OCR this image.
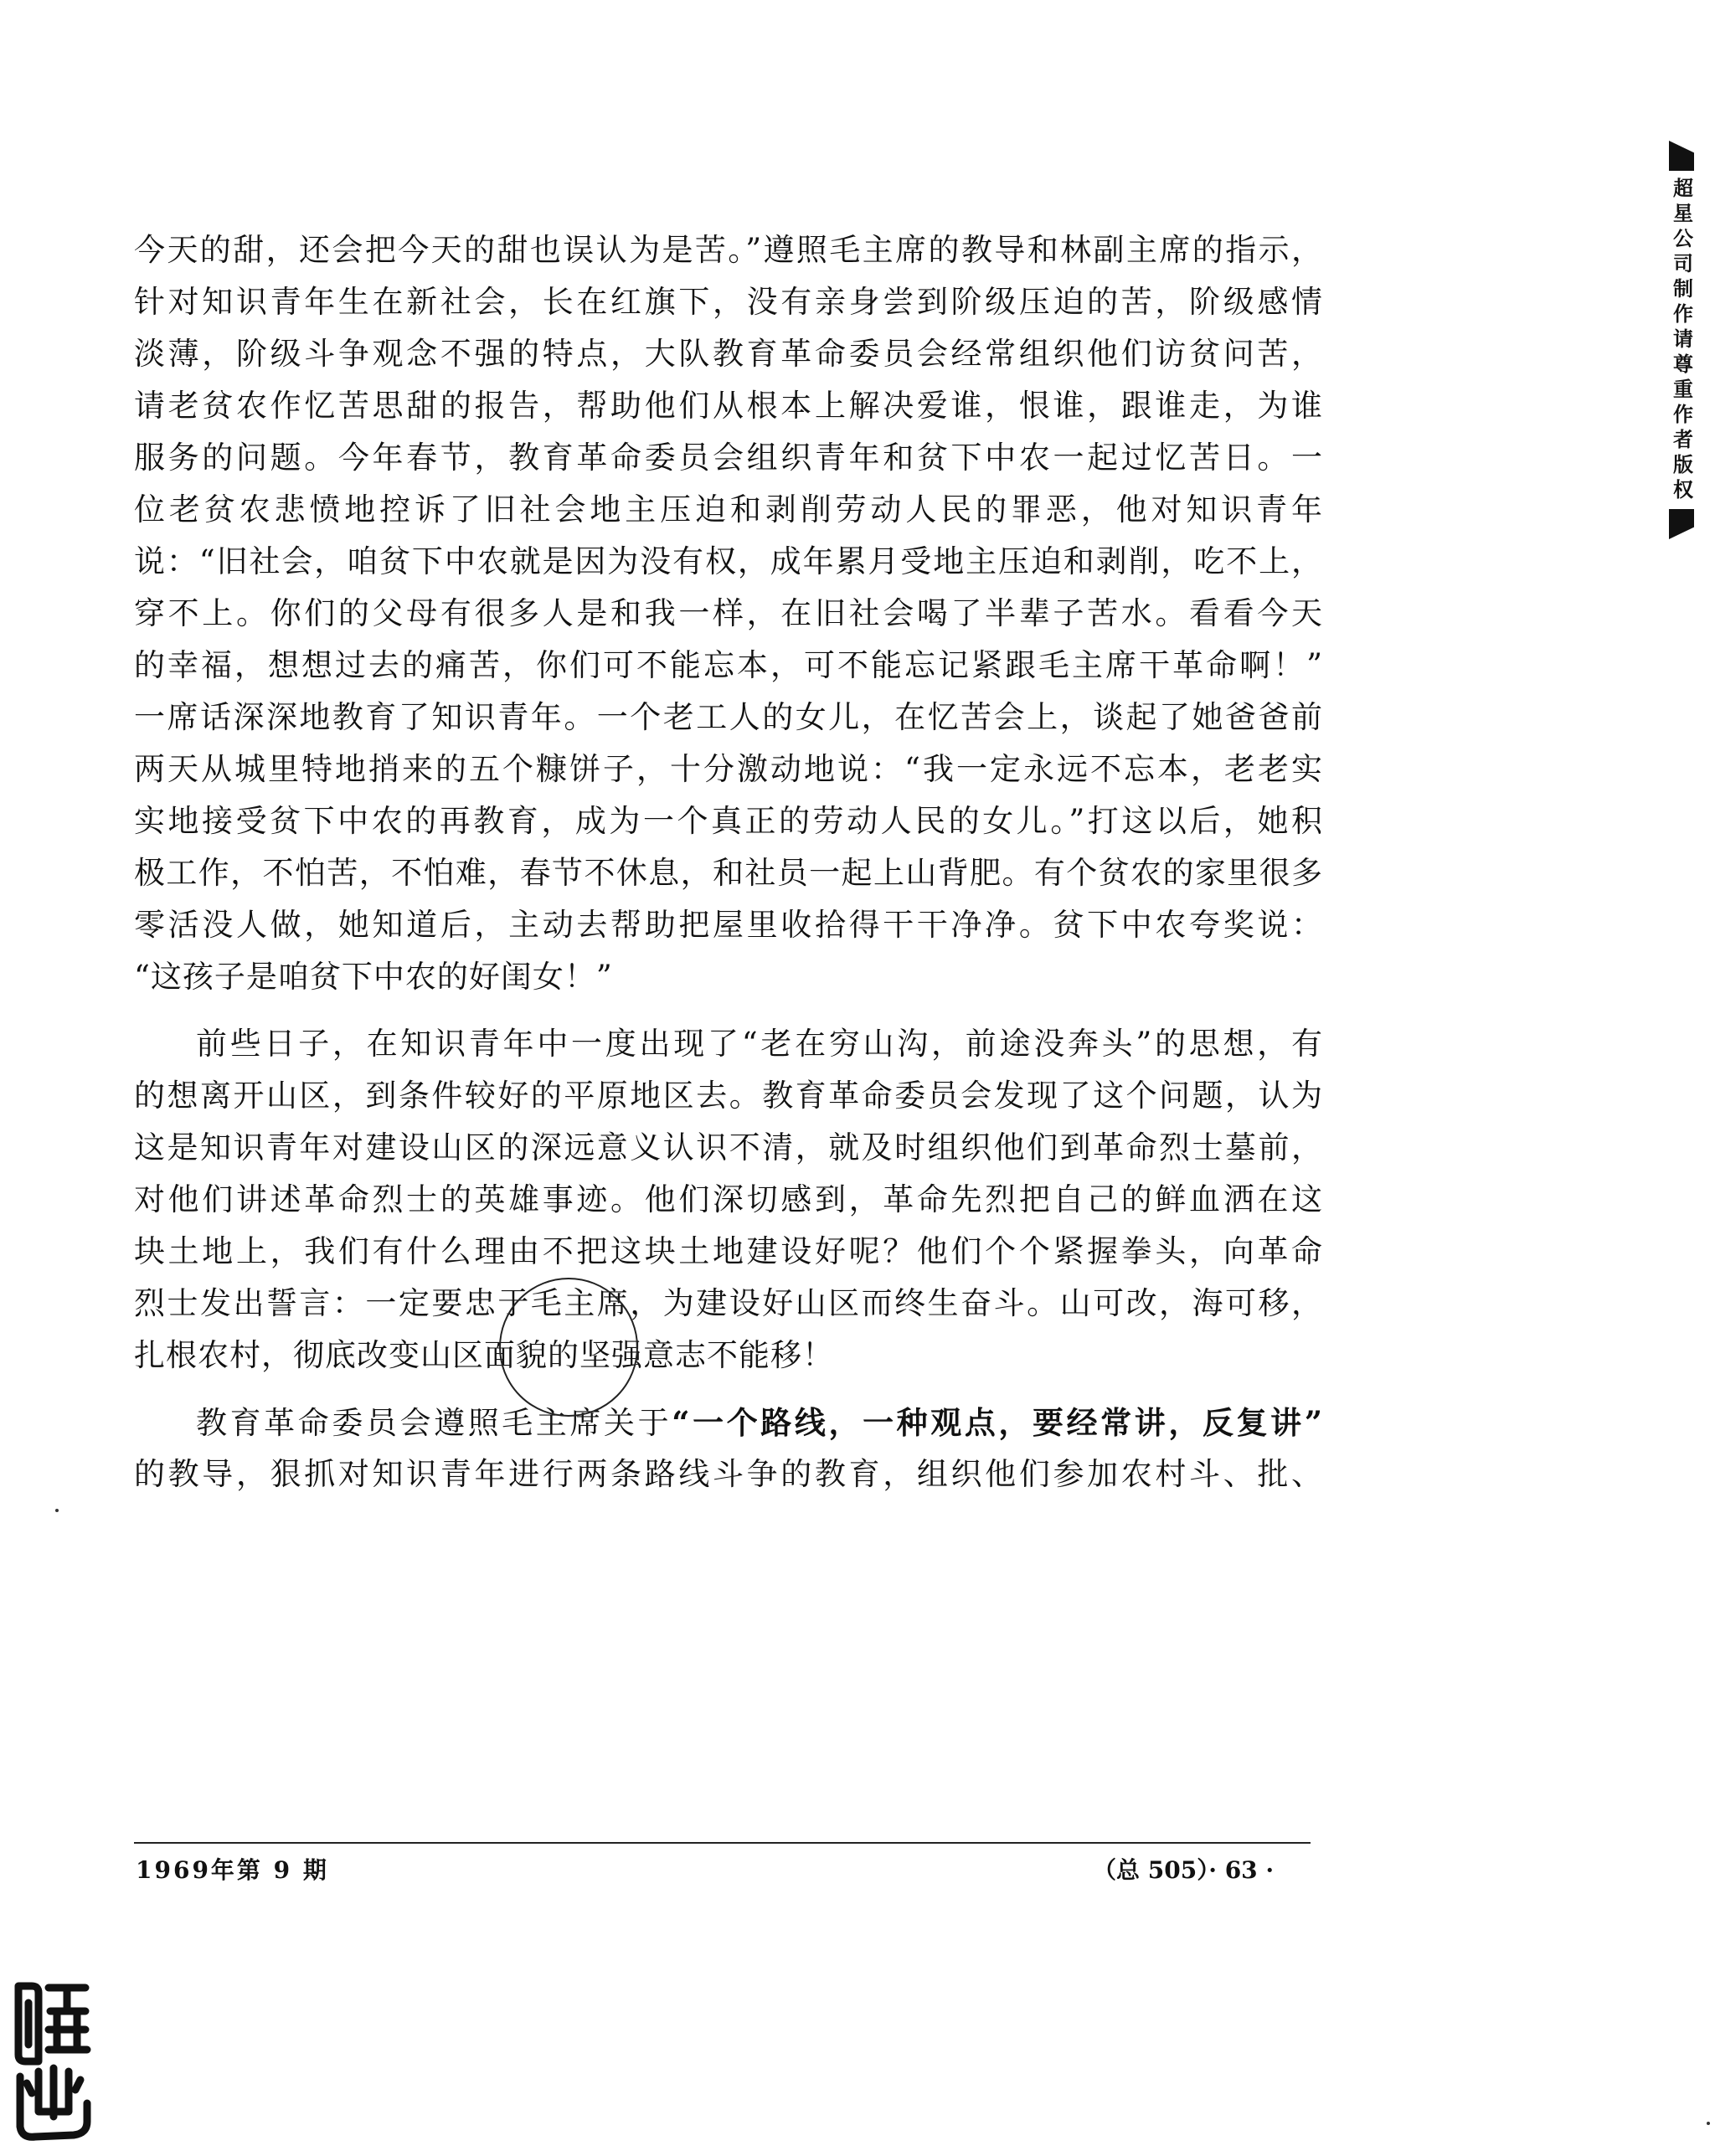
今天的甜，还会把今天的甜也误认为是苦。”遵照毛主席的教导和林副主席的指示，
针对知识青年生在新社会，长在红旗下，没有亲身尝到阶级压迫的苦，阶级感情
淡薄，阶级斗争观念不强的特点，大队教育革命委员会经常组织他们访贫问苦，
请老贫农作忆苦思甜的报告，帮助他们从根本上解决爱谁，恨谁，跟谁走，为谁
服务的问题。今年春节，教育革命委员会组织青年和贫下中农一起过忆苦日。一
位老贫农悲愤地控诉了旧社会地主压迫和剥削劳动人民的罪恶，他对知识青年
说：“旧社会，咱贫下中农就是因为没有权，成年累月受地主压迫和剥削，吃不上，
穿不上。你们的父母有很多人是和我一样，在旧社会喝了半辈子苦水。看看今天
的幸福，想想过去的痛苦，你们可不能忘本，可不能忘记紧跟毛主席干革命啊！”
一席话深深地教育了知识青年。一个老工人的女儿，在忆苦会上，谈起了她爸爸前
两天从城里特地捎来的五个糠饼子，十分激动地说：“我一定永远不忘本，老老实
实地接受贫下中农的再教育，成为一个真正的劳动人民的女儿。”打这以后，她积
极工作，不怕苦，不怕难，春节不休息，和社员一起上山背肥。有个贫农的家里很多
零活没人做，她知道后，主动去帮助把屋里收拾得干干净净。贫下中农夸奖说：
“这孩子是咱贫下中农的好闺女！”
前些日子，在知识青年中一度出现了“老在穷山沟，前途没奔头”的思想，有
的想离开山区，到条件较好的平原地区去。教育革命委员会发现了这个问题，认为
这是知识青年对建设山区的深远意义认识不清，就及时组织他们到革命烈士墓前，
对他们讲述革命烈士的英雄事迹。他们深切感到，革命先烈把自己的鲜血洒在这
块土地上，我们有什么理由不把这块土地建设好呢？他们个个紧握拳头，向革命
烈士发出誓言：一定要忠于毛主席，为建设好山区而终生奋斗。山可改，海可移，
扎根农村，彻底改变山区面貌的坚强意志不能移！
教育革命委员会遵照毛主席关于“一个路线，一种观点，要经常讲，反复讲”
的教导，狠抓对知识青年进行两条路线斗争的教育，组织他们参加农村斗、批、
1969年第 9 期	（总 505）· 63 ·
超星公司制作请尊重作者版权
